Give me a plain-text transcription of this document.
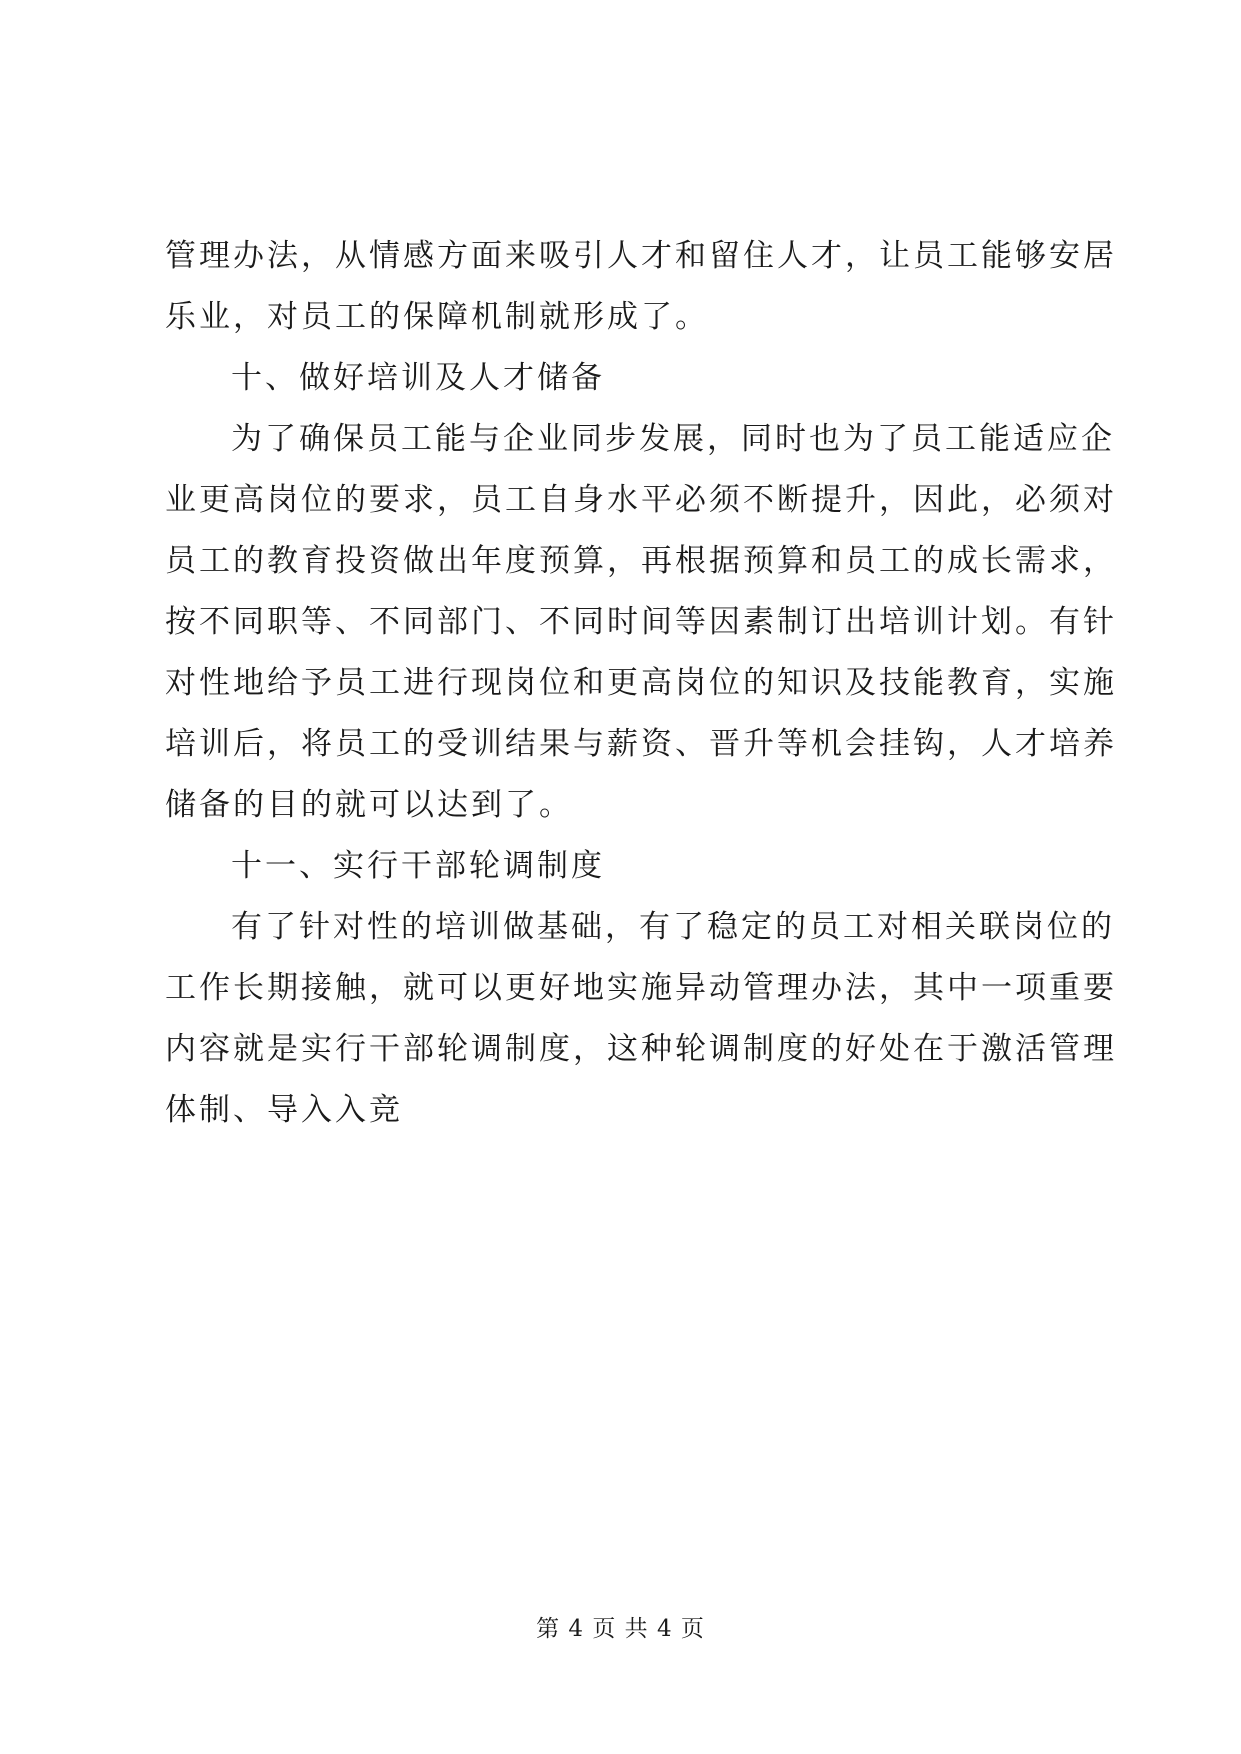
管理办法，从情感方面来吸引人才和留住人才，让员工能够安居
乐业，对员工的保障机制就形成了。
十、做好培训及人才储备
为了确保员工能与企业同步发展，同时也为了员工能适应企
业更高岗位的要求，员工自身水平必须不断提升，因此，必须对
员工的教育投资做出年度预算，再根据预算和员工的成长需求，
按不同职等、不同部门、不同时间等因素制订出培训计划。有针
对性地给予员工进行现岗位和更高岗位的知识及技能教育，实施
培训后，将员工的受训结果与薪资、晋升等机会挂钩，人才培养
储备的目的就可以达到了。
十一、实行干部轮调制度
有了针对性的培训做基础，有了稳定的员工对相关联岗位的
工作长期接触，就可以更好地实施异动管理办法，其中一项重要
内容就是实行干部轮调制度，这种轮调制度的好处在于激活管理
体制、导入入竞
第 4 页 共 4 页
